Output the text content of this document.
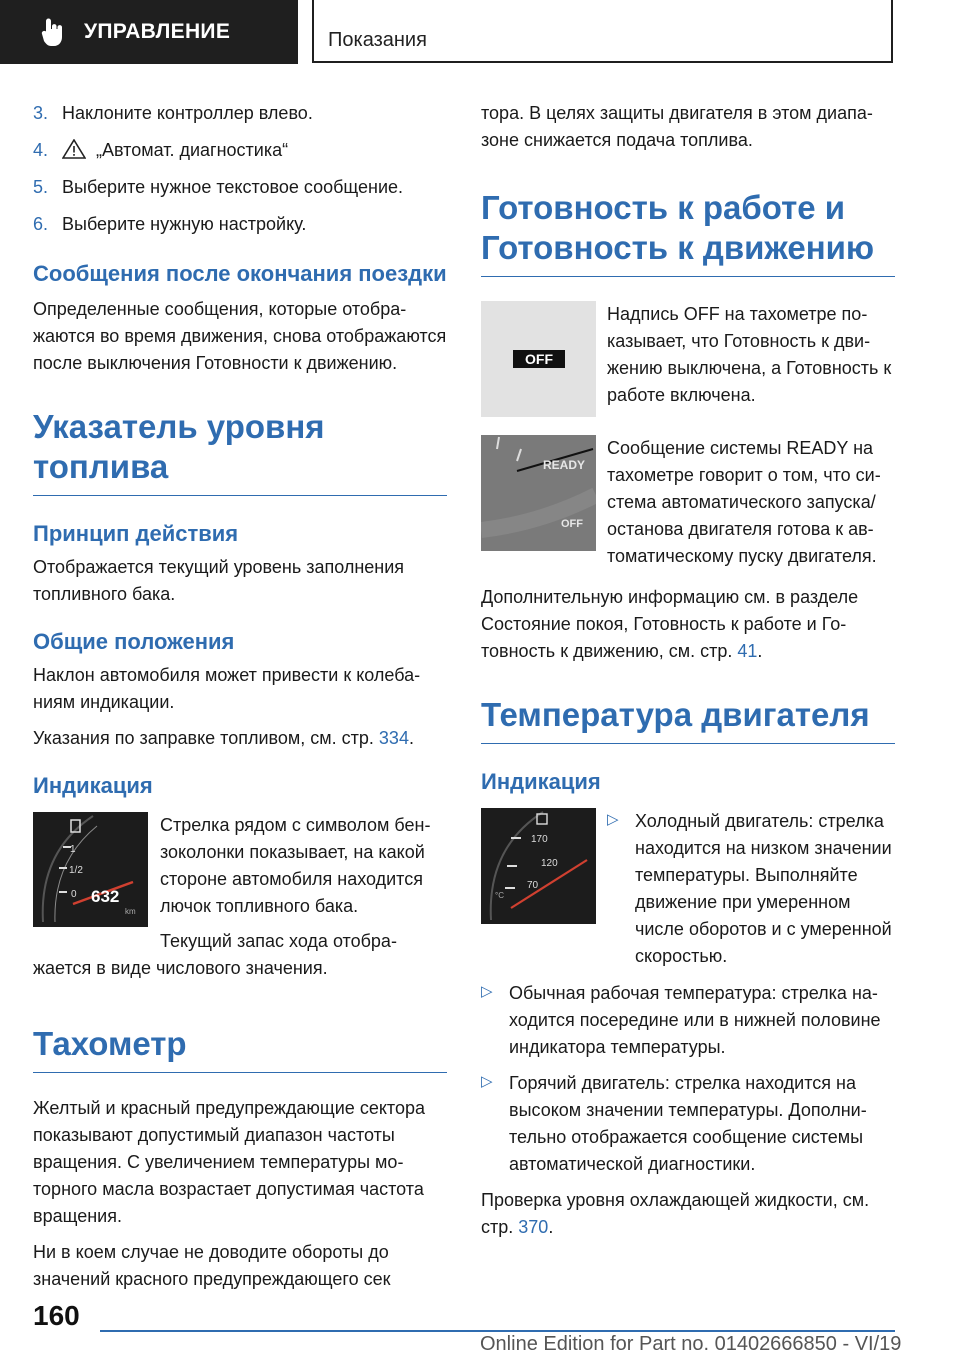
УПРАВЛЕНИЕ	Показания
3. Наклоните контроллер влево.
4.	„Автомат. диагностика“
5. Выберите нужное текстовое сообщение.
6. Выберите нужную настройку.
Сообщения после окончания поездки

Определенные сообщения, которые отображаются во время движения, снова отображаются после выключения Готовности к движению.

Указатель уровня топлива
Принцип действия

Отображается текущий уровень заполнения топливного бака.

Общие положения

Наклон автомобиля может привести к колебаниям индикации.

Указания по заправке топливом, см. стр. 334.

Индикация
1
1/2
0 632
km

Стрелка рядом с символом бензоколонки показывает, на какой стороне автомобиля находится лючок топливного бака.

Текущий запас хода отображается в виде числового значения.

Тахометр

Желтый и красный предупреждающие сектора показывают допустимый диапазон частоты вращения. С увеличением температуры моторного масла возрастает допустимая частота вращения.

Ни в коем случае не доводите обороты до значений красного предупреждающего сек

тора. В целях защиты двигателя в этом диапазоне снижается подача топлива.

Готовность к работе и Готовность к движению
OFF

Надпись OFF на тахометре показывает, что Готовность к движению выключена, а Готовность к работе включена.

READY
OFF

Сообщение системы READY на тахометре говорит о том, что система автоматического запуска/ останова двигателя готова к автоматическому пуску двигателя.

Дополнительную информацию см. в разделе Состояние покоя, Готовность к работе и Готовность к движению, см. стр. 41.

Температура двигателя
Индикация
170
120
70
°C
▷ Холодный двигатель: стрелка находится на низком значении температуры. Выполняйте движение при умеренном числе оборотов и с умеренной скоростью.

▷ Обычная рабочая температура: стрелка находится посередине или в нижней половине индикатора температуры.

▷ Горячий двигатель: стрелка находится на высоком значении температуры. Дополнительно отображается сообщение системы автоматической диагностики.

Проверка уровня охлаждающей жидкости, см. стр. 370.

160
Online Edition for Part no. 01402666850 - VI/19
